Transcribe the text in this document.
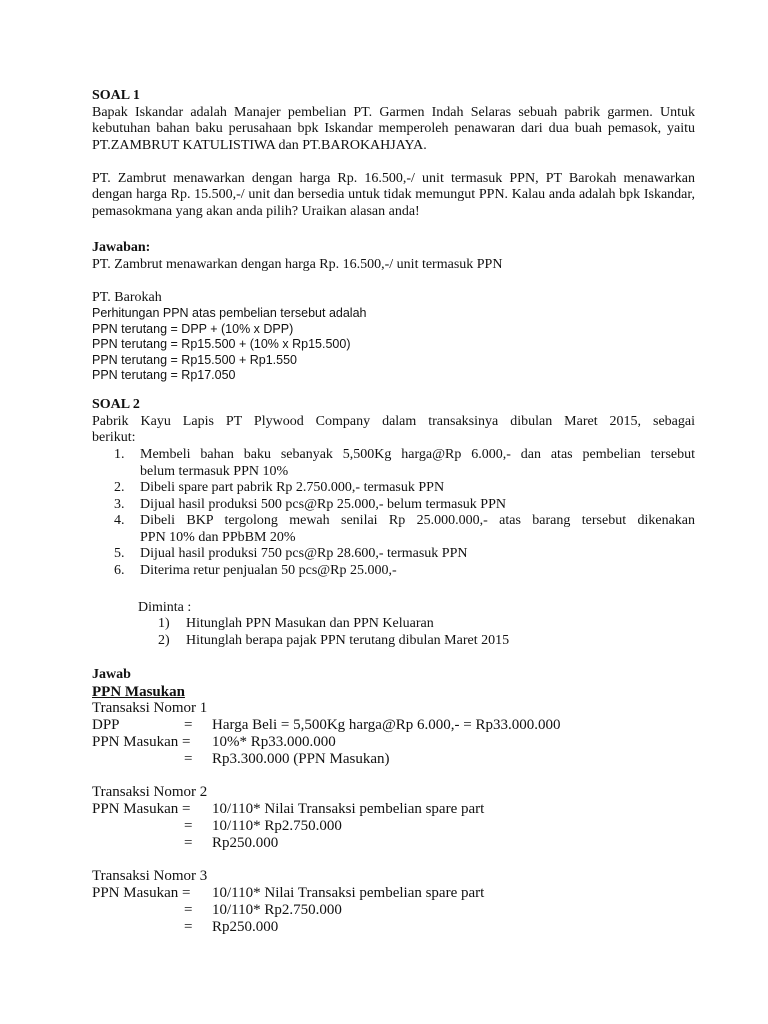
SOAL 1
Bapak Iskandar adalah Manajer pembelian PT. Garmen Indah Selaras sebuah pabrik garmen. Untuk kebutuhan bahan baku perusahaan bpk Iskandar memperoleh penawaran dari dua buah pemasok, yaitu PT.ZAMBRUT KATULISTIWA dan PT.BAROKAHJAYA.
PT. Zambrut menawarkan dengan harga Rp. 16.500,-/ unit termasuk PPN, PT Barokah menawarkan dengan harga Rp. 15.500,-/ unit dan bersedia untuk tidak memungut PPN. Kalau anda adalah bpk Iskandar, pemasokmana yang akan anda pilih? Uraikan alasan anda!
Jawaban:
PT. Zambrut menawarkan dengan harga Rp. 16.500,-/ unit termasuk PPN
PT. Barokah
Perhitungan PPN atas pembelian tersebut adalah
PPN terutang = DPP + (10% x DPP)
PPN terutang = Rp15.500 + (10% x Rp15.500)
PPN terutang = Rp15.500 + Rp1.550
PPN terutang = Rp17.050
SOAL 2
Pabrik Kayu Lapis PT Plywood Company dalam transaksinya dibulan Maret 2015, sebagai
berikut:
1.	Membeli bahan baku sebanyak 5,500Kg harga@Rp 6.000,- dan atas pembelian tersebut
belum termasuk PPN 10%
2.	Dibeli spare part pabrik Rp 2.750.000,- termasuk PPN
3.	Dijual hasil produksi 500 pcs@Rp 25.000,- belum termasuk PPN
4.	Dibeli BKP tergolong mewah senilai Rp 25.000.000,- atas barang tersebut dikenakan
PPN 10% dan PPbBM 20%
5.	Dijual hasil produksi 750 pcs@Rp 28.600,- termasuk PPN
6.	Diterima retur penjualan 50 pcs@Rp 25.000,-
Diminta :
1)	Hitunglah PPN Masukan dan PPN Keluaran
2)	Hitunglah berapa pajak PPN terutang dibulan Maret 2015
Jawab
PPN Masukan
Transaksi Nomor 1
DPP	=	Harga Beli = 5,500Kg harga@Rp 6.000,- = Rp33.000.000
PPN Masukan =	10%* Rp33.000.000
=	Rp3.300.000 (PPN Masukan)
Transaksi Nomor 2
PPN Masukan =	10/110* Nilai Transaksi pembelian spare part
=	10/110* Rp2.750.000
=	Rp250.000
Transaksi Nomor 3
PPN Masukan =	10/110* Nilai Transaksi pembelian spare part
=	10/110* Rp2.750.000
=	Rp250.000
